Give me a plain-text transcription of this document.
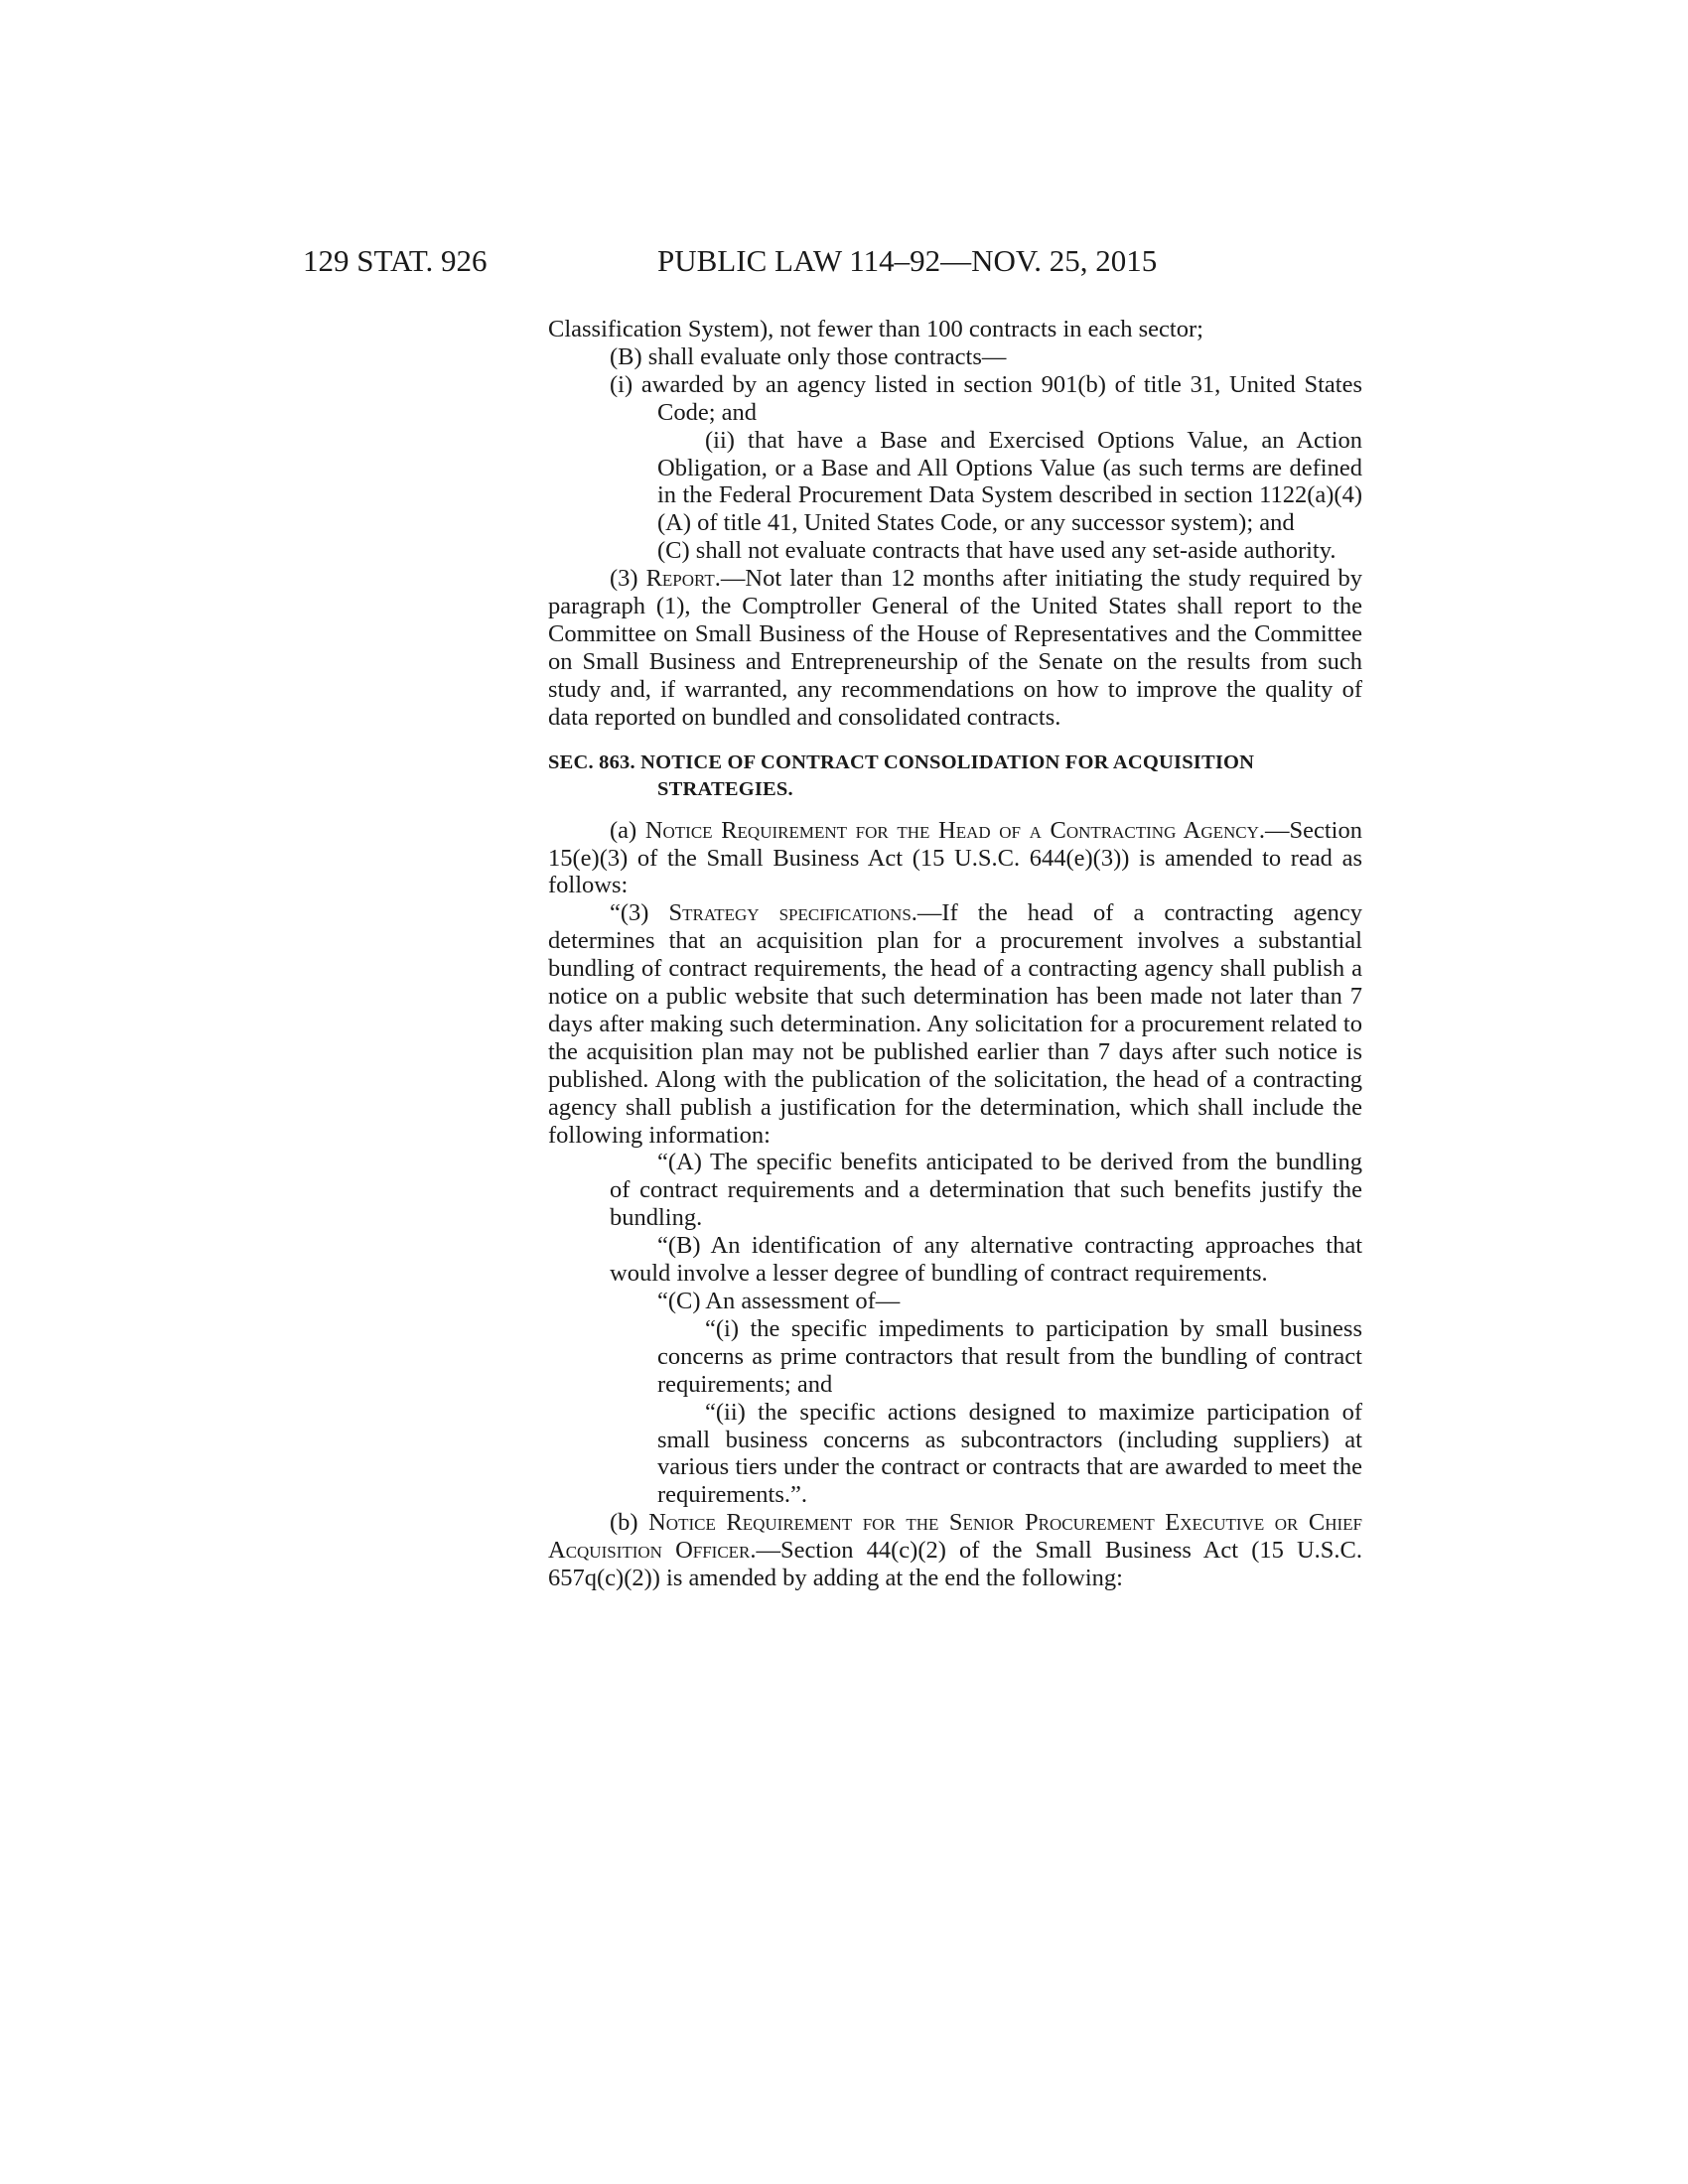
129 STAT. 926	PUBLIC LAW 114–92—NOV. 25, 2015

Classification System), not fewer than 100 contracts in each sector;

(B) shall evaluate only those contracts—

(i) awarded by an agency listed in section 901(b) of title 31, United States Code; and

(ii) that have a Base and Exercised Options Value, an Action Obligation, or a Base and All Options Value (as such terms are defined in the Federal Procurement Data System described in section 1122(a)(4)(A) of title 41, United States Code, or any successor system); and

(C) shall not evaluate contracts that have used any set-aside authority.

(3) Report.—Not later than 12 months after initiating the study required by paragraph (1), the Comptroller General of the United States shall report to the Committee on Small Business of the House of Representatives and the Committee on Small Business and Entrepreneurship of the Senate on the results from such study and, if warranted, any recommendations on how to improve the quality of data reported on bundled and consolidated contracts.

SEC. 863. NOTICE OF CONTRACT CONSOLIDATION FOR ACQUISITION STRATEGIES.

(a) Notice Requirement for the Head of a Contracting Agency.—Section 15(e)(3) of the Small Business Act (15 U.S.C. 644(e)(3)) is amended to read as follows:

“(3) Strategy specifications.—If the head of a contracting agency determines that an acquisition plan for a procurement involves a substantial bundling of contract requirements, the head of a contracting agency shall publish a notice on a public website that such determination has been made not later than 7 days after making such determination. Any solicitation for a procurement related to the acquisition plan may not be published earlier than 7 days after such notice is published. Along with the publication of the solicitation, the head of a contracting agency shall publish a justification for the determination, which shall include the following information:

“(A) The specific benefits anticipated to be derived from the bundling of contract requirements and a determination that such benefits justify the bundling.

“(B) An identification of any alternative contracting approaches that would involve a lesser degree of bundling of contract requirements.

“(C) An assessment of—

“(i) the specific impediments to participation by small business concerns as prime contractors that result from the bundling of contract requirements; and

“(ii) the specific actions designed to maximize participation of small business concerns as subcontractors (including suppliers) at various tiers under the contract or contracts that are awarded to meet the requirements.”.

(b) Notice Requirement for the Senior Procurement Executive or Chief Acquisition Officer.—Section 44(c)(2) of the Small Business Act (15 U.S.C. 657q(c)(2)) is amended by adding at the end the following:
